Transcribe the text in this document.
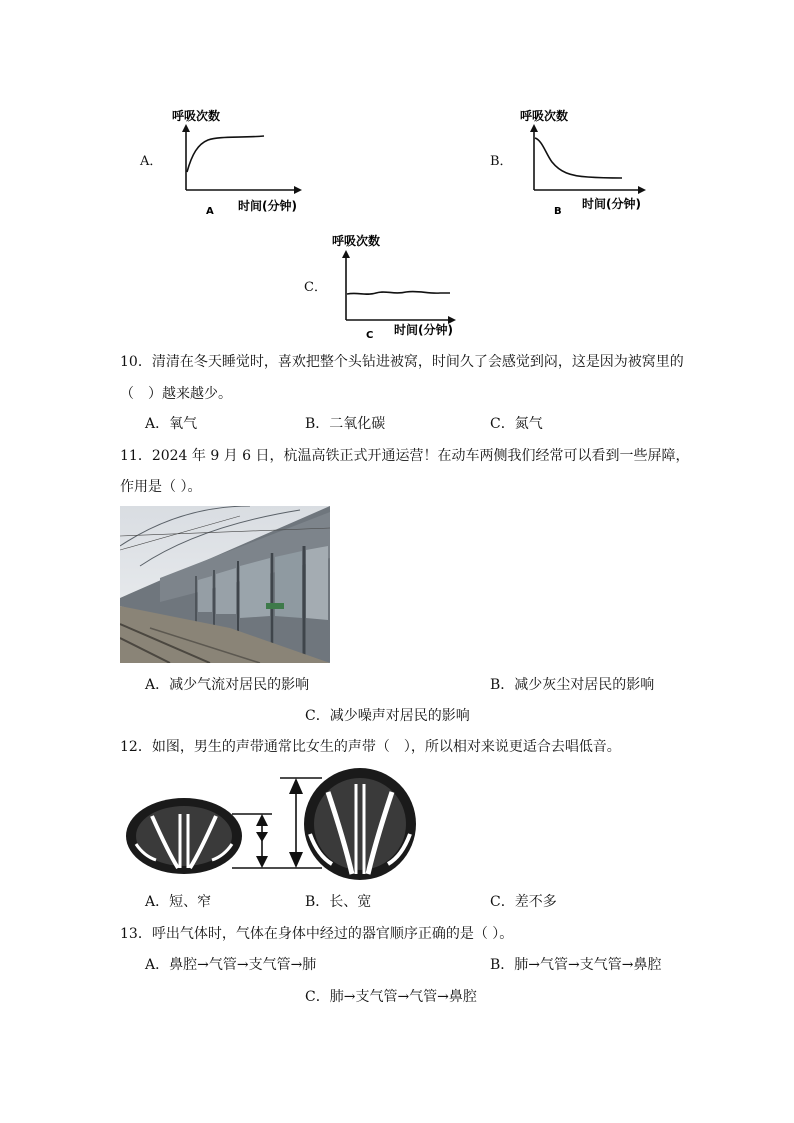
A．
呼吸次数
A 时间(分钟)
B．
呼吸次数
B
时间(分钟)
C．
呼吸次数
C 时间(分钟)
10．清清在冬天睡觉时，喜欢把整个头钻进被窝，时间久了会感觉到闷，这是因为被窝里的
（　）越来越少。
A．氧气	B．二氧化碳	C．氮气
11．2024 年 9 月 6 日，杭温高铁正式开通运营！在动车两侧我们经常可以看到一些屏障，
作用是（ ）。
A．减少气流对居民的影响	B．减少灰尘对居民的影响
C．减少噪声对居民的影响
12．如图，男生的声带通常比女生的声带（　），所以相对来说更适合去唱低音。
A．短、窄	B．长、宽	C．差不多
13．呼出气体时，气体在身体中经过的器官顺序正确的是（ ）。
A．鼻腔→气管→支气管→肺	B．肺→气管→支气管→鼻腔
C．肺→支气管→气管→鼻腔
